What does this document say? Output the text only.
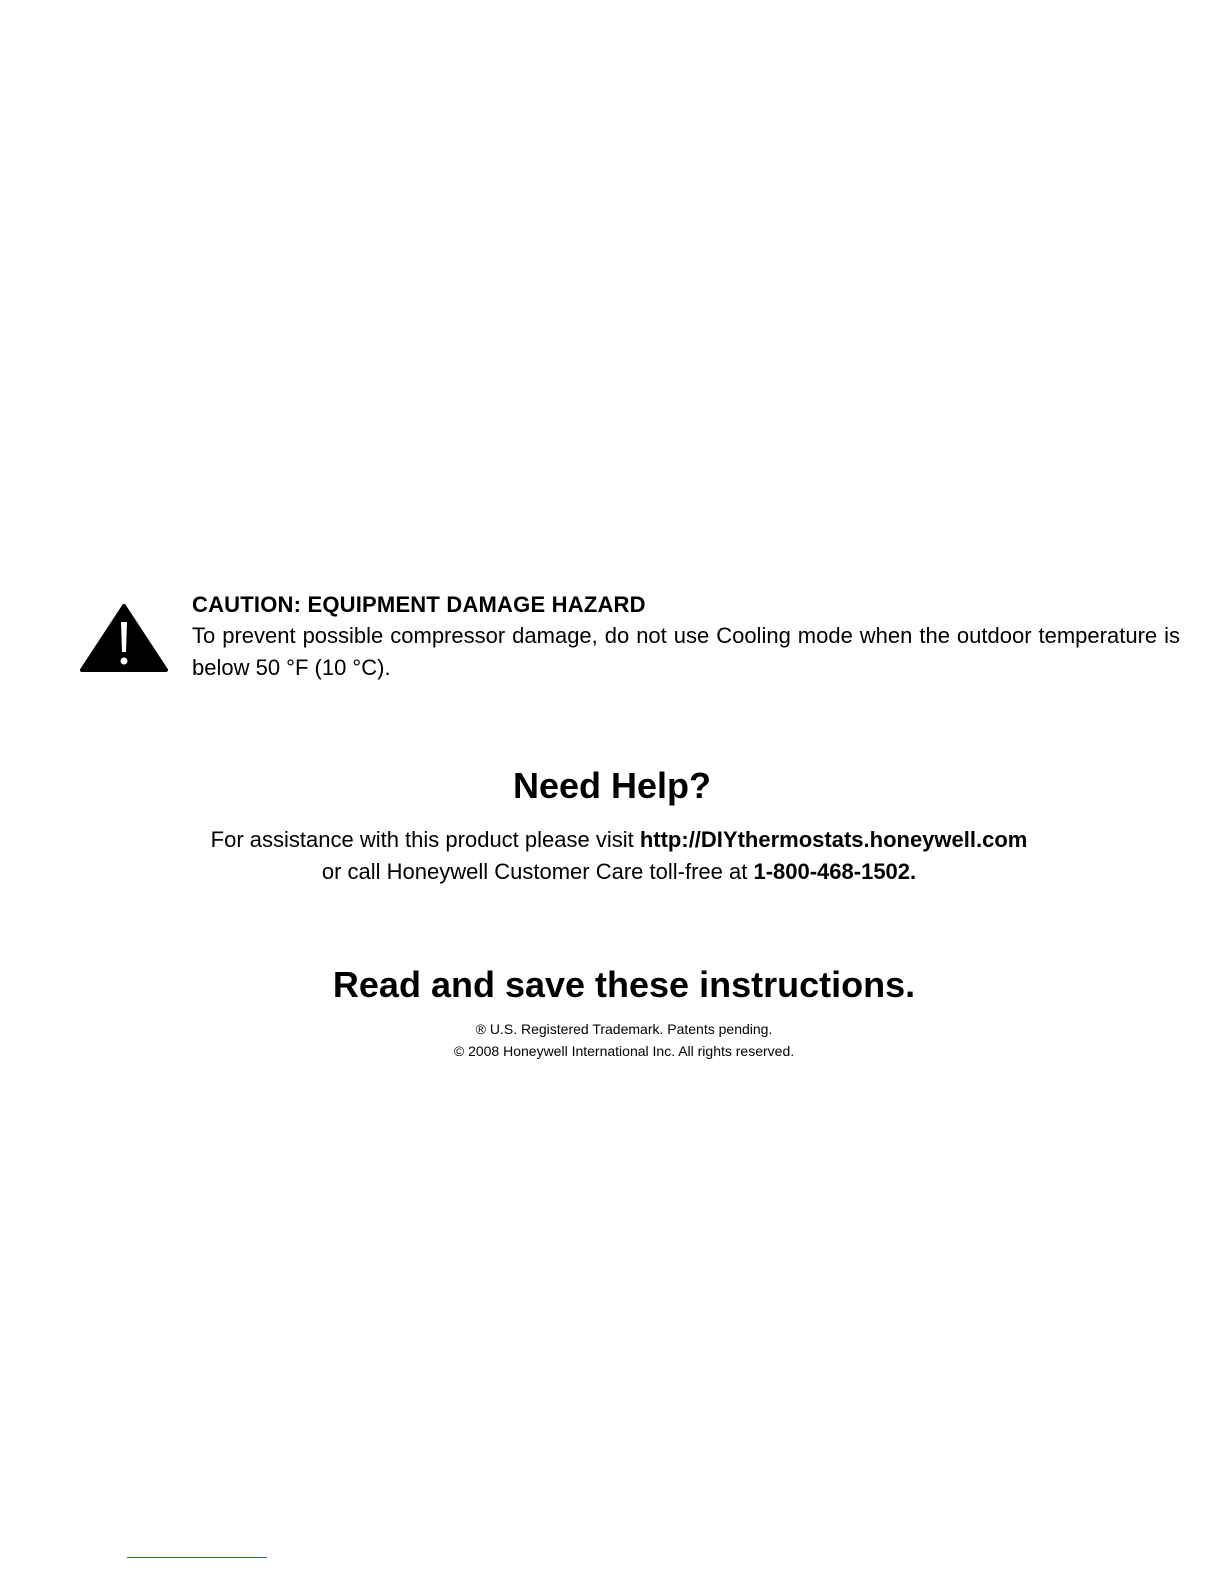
CAUTION: EQUIPMENT DAMAGE HAZARD
To prevent possible compressor damage, do not use Cooling mode when the outdoor temperature is below 50 °F (10 °C).
Need Help?
For assistance with this product please visit http://DIYthermostats.honeywell.com
or call Honeywell Customer Care toll-free at 1-800-468-1502.
Read and save these instructions.
® U.S. Registered Trademark. Patents pending.
© 2008 Honeywell International Inc. All rights reserved.
